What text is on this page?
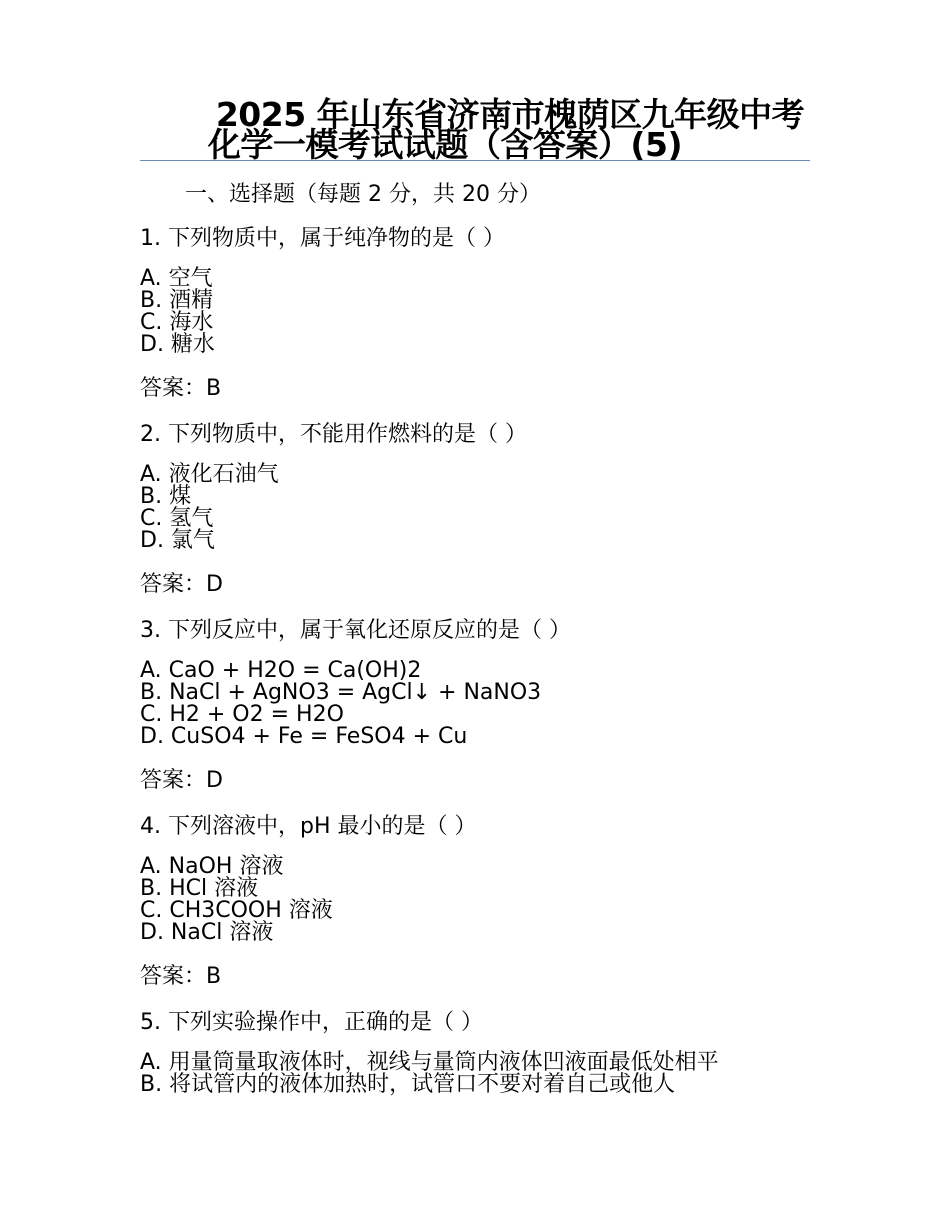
2025 年山东省济南市槐荫区九年级中考
化学一模考试试题（含答案）(5)
一、选择题（每题 2 分，共 20 分）
1. 下列物质中，属于纯净物的是（ ）
A. 空气
B. 酒精
C. 海水
D. 糖水
答案：B
2. 下列物质中，不能用作燃料的是（ ）
A. 液化石油气
B. 煤
C. 氢气
D. 氯气
答案：D
3. 下列反应中，属于氧化还原反应的是（ ）
A. CaO + H2O = Ca(OH)2
B. NaCl + AgNO3 = AgCl↓ + NaNO3
C. H2 + O2 = H2O
D. CuSO4 + Fe = FeSO4 + Cu
答案：D
4. 下列溶液中，pH 最小的是（ ）
A. NaOH 溶液
B. HCl 溶液
C. CH3COOH 溶液
D. NaCl 溶液
答案：B
5. 下列实验操作中，正确的是（ ）
A. 用量筒量取液体时，视线与量筒内液体凹液面最低处相平
B. 将试管内的液体加热时，试管口不要对着自己或他人
